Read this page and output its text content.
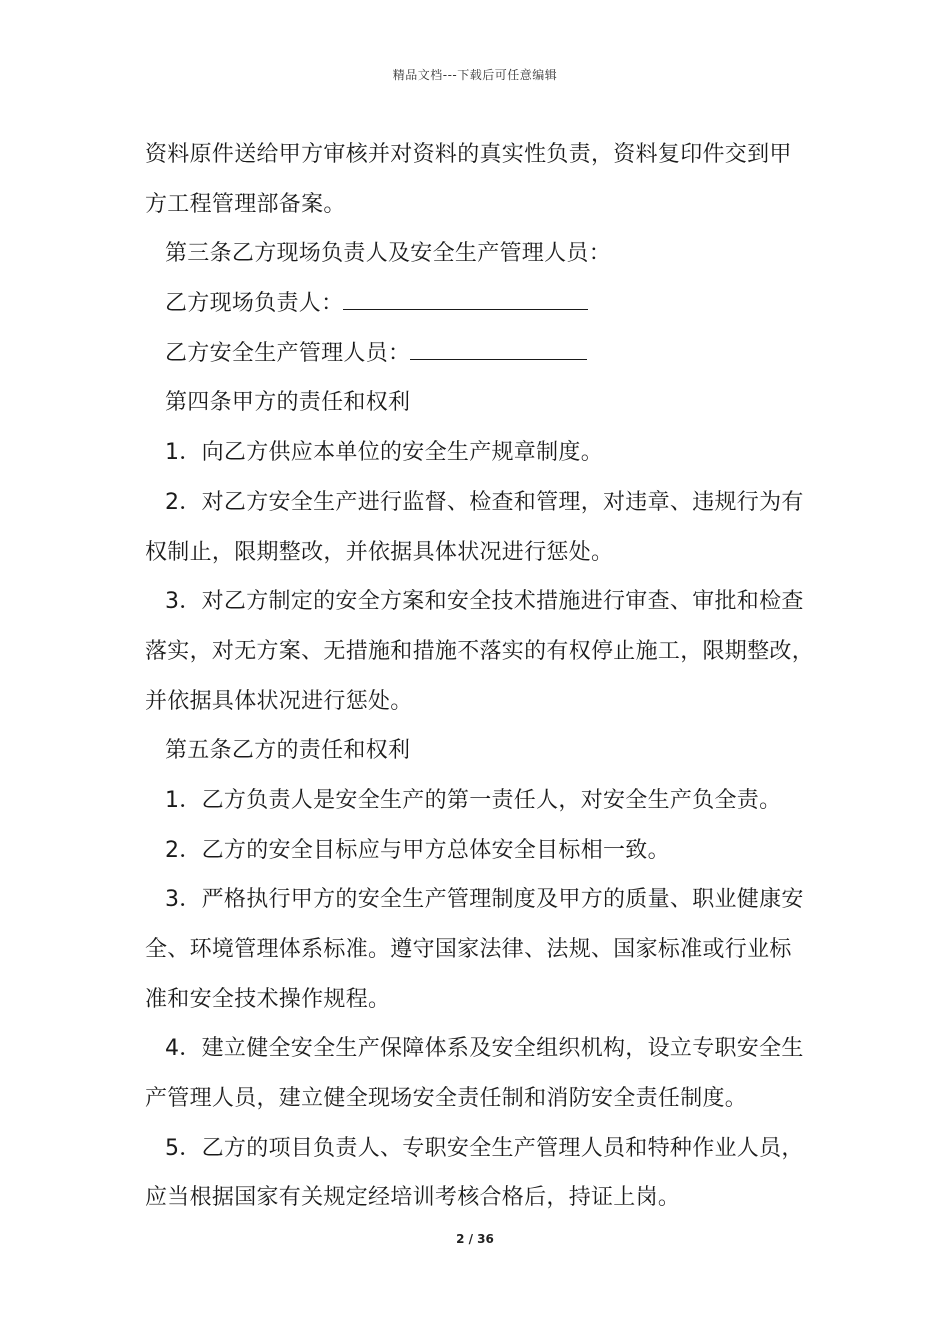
精品文档---下载后可任意编辑
资料原件送给甲方审核并对资料的真实性负责，资料复印件交到甲
方工程管理部备案。
第三条乙方现场负责人及安全生产管理人员：
乙方现场负责人：
乙方安全生产管理人员：
第四条甲方的责任和权利
1．向乙方供应本单位的安全生产规章制度。
2．对乙方安全生产进行监督、检查和管理，对违章、违规行为有
权制止，限期整改，并依据具体状况进行惩处。
3．对乙方制定的安全方案和安全技术措施进行审查、审批和检查
落实，对无方案、无措施和措施不落实的有权停止施工，限期整改，
并依据具体状况进行惩处。
第五条乙方的责任和权利
1．乙方负责人是安全生产的第一责任人，对安全生产负全责。
2．乙方的安全目标应与甲方总体安全目标相一致。
3．严格执行甲方的安全生产管理制度及甲方的质量、职业健康安
全、环境管理体系标准。遵守国家法律、法规、国家标准或行业标
准和安全技术操作规程。
4．建立健全安全生产保障体系及安全组织机构，设立专职安全生
产管理人员，建立健全现场安全责任制和消防安全责任制度。
5．乙方的项目负责人、专职安全生产管理人员和特种作业人员，
应当根据国家有关规定经培训考核合格后，持证上岗。
2 / 36
